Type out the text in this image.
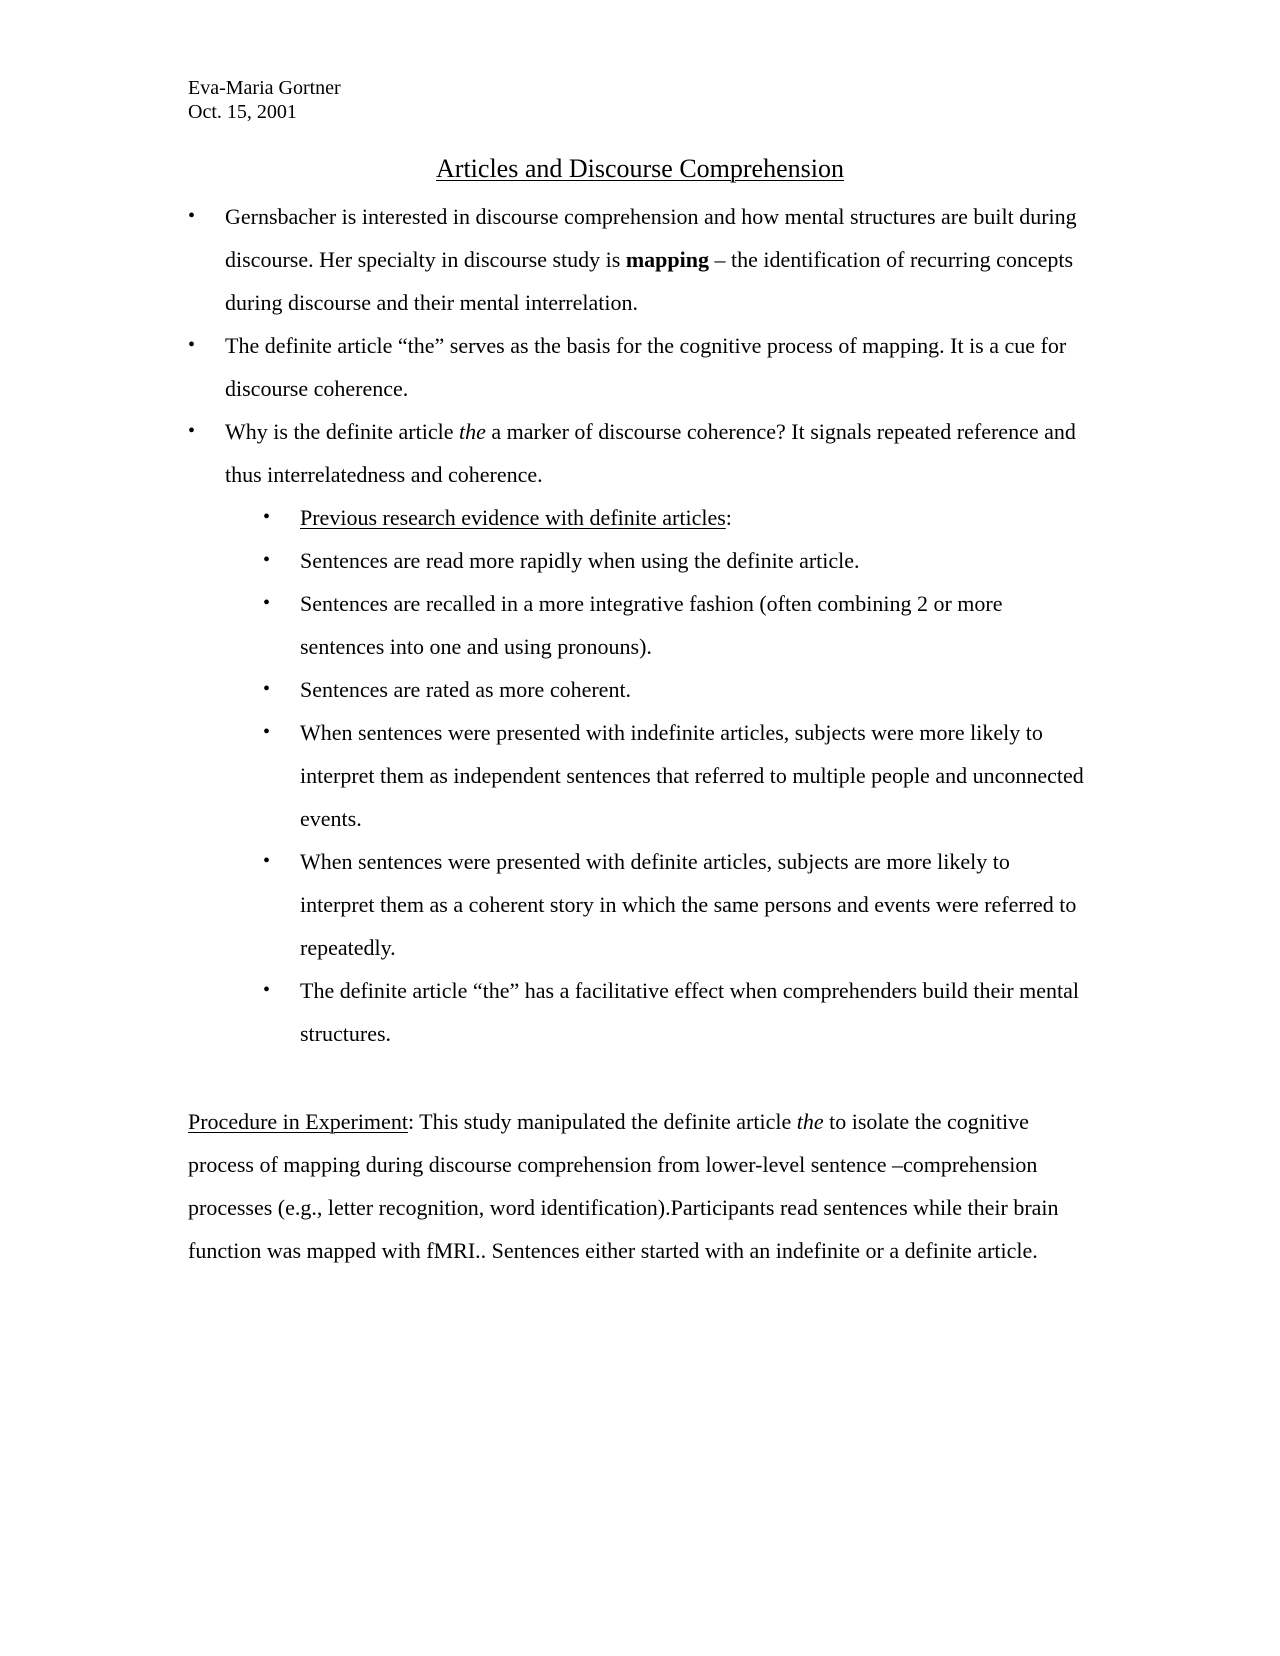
Eva-Maria Gortner
Oct. 15, 2001
Articles and Discourse Comprehension
• Gernsbacher is interested in discourse comprehension and how mental structures are built during discourse. Her specialty in discourse study is mapping – the identification of recurring concepts during discourse and their mental interrelation.
• The definite article “the” serves as the basis for the cognitive process of mapping. It is a cue for discourse coherence.
• Why is the definite article the a marker of discourse coherence? It signals repeated reference and thus interrelatedness and coherence.
• Previous research evidence with definite articles:
• Sentences are read more rapidly when using the definite article.
• Sentences are recalled in a more integrative fashion (often combining 2 or more sentences into one and using pronouns).
• Sentences are rated as more coherent.
• When sentences were presented with indefinite articles, subjects were more likely to interpret them as independent sentences that referred to multiple people and unconnected events.
• When sentences were presented with definite articles, subjects are more likely to interpret them as a coherent story in which the same persons and events were referred to repeatedly.
• The definite article “the” has a facilitative effect when comprehenders build their mental structures.

Procedure in Experiment: This study manipulated the definite article the to isolate the cognitive process of mapping during discourse comprehension from lower-level sentence –comprehension processes (e.g., letter recognition, word identification).Participants read sentences while their brain function was mapped with fMRI.. Sentences either started with an indefinite or a definite article.
